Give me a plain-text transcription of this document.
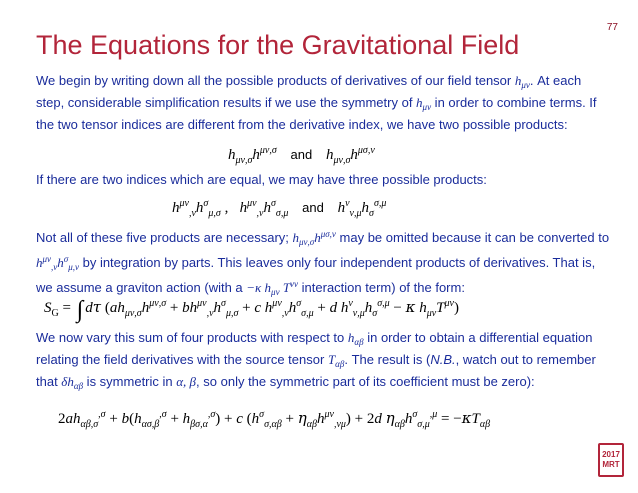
77
The Equations for the Gravitational Field
We begin by writing down all the possible products of derivatives of our field tensor $h_{\mu\nu}$. At each step, considerable simplification results if we use the symmetry of $h_{\mu\nu}$ in order to combine terms. If the two tensor indices are different from the derivative index, we have two possible products:
$h_{\mu\nu,\sigma}h^{\mu\nu,\sigma}$ and $h_{\mu\nu,\sigma}h^{\mu\sigma,\nu}$
If there are two indices which are equal, we may have three possible products:
$h^{\mu\nu}_{,\nu}h^\sigma_{\mu,\sigma}$ ,   $h^{\mu\nu}_{,\nu}h^\sigma_{\sigma,\mu}$ and $h^\nu_{\nu,\mu}h_\sigma^{\sigma,\mu}$
Not all of these five products are necessary; $h_{\mu\nu,\sigma}h^{\mu\sigma,\nu}$ may be omitted because it can be converted to $h^{\mu\nu}_{,\nu}h^\sigma_{\mu,\nu}$ by integration by parts. This leaves only four independent products of derivatives. That is, we assume a graviton action (with a −κ $h_{\mu\nu}$ $T^{\nu\nu}$ interaction term) of the form:
$S_G$ = ∫ dτ ($ah_{\mu\nu,\sigma}h^{\mu\nu,\sigma} + bh^{\mu\nu}_{,\nu}h^\sigma_{\mu,\sigma} + c$ $h^{\mu\nu}_{,\nu}h^\sigma_{\sigma,\mu} + d$ $h^\nu_{\nu,\mu}h_\sigma^{\sigma,\mu} - \kappa$ $h_{\mu\nu}T^{\mu\nu}$)
We now vary this sum of four products with respect to $h_{\alpha\beta}$ in order to obtain a differential equation relating the field derivatives with the source tensor $T_{\alpha\beta}$. The result is (N.B., watch out to remember that $\delta h_{\alpha\beta}$ is symmetric in α, β, so only the symmetric part of its coefficient must be zero):
$2ah_{\alpha\beta,\sigma}^{,\sigma} + b(h_{\alpha\sigma,\beta}^{,\sigma} + h_{\beta\sigma,\alpha}^{,\sigma}) + c$ $(h^\sigma_{\sigma,\alpha\beta} + \eta_{\alpha\beta}h^{\mu\nu}_{,\nu\mu}) + 2d$ $\eta_{\alpha\beta}h^\sigma_{\sigma,\mu}^{,\mu} = -\kappa T_{\alpha\beta}$
2017
MRT
